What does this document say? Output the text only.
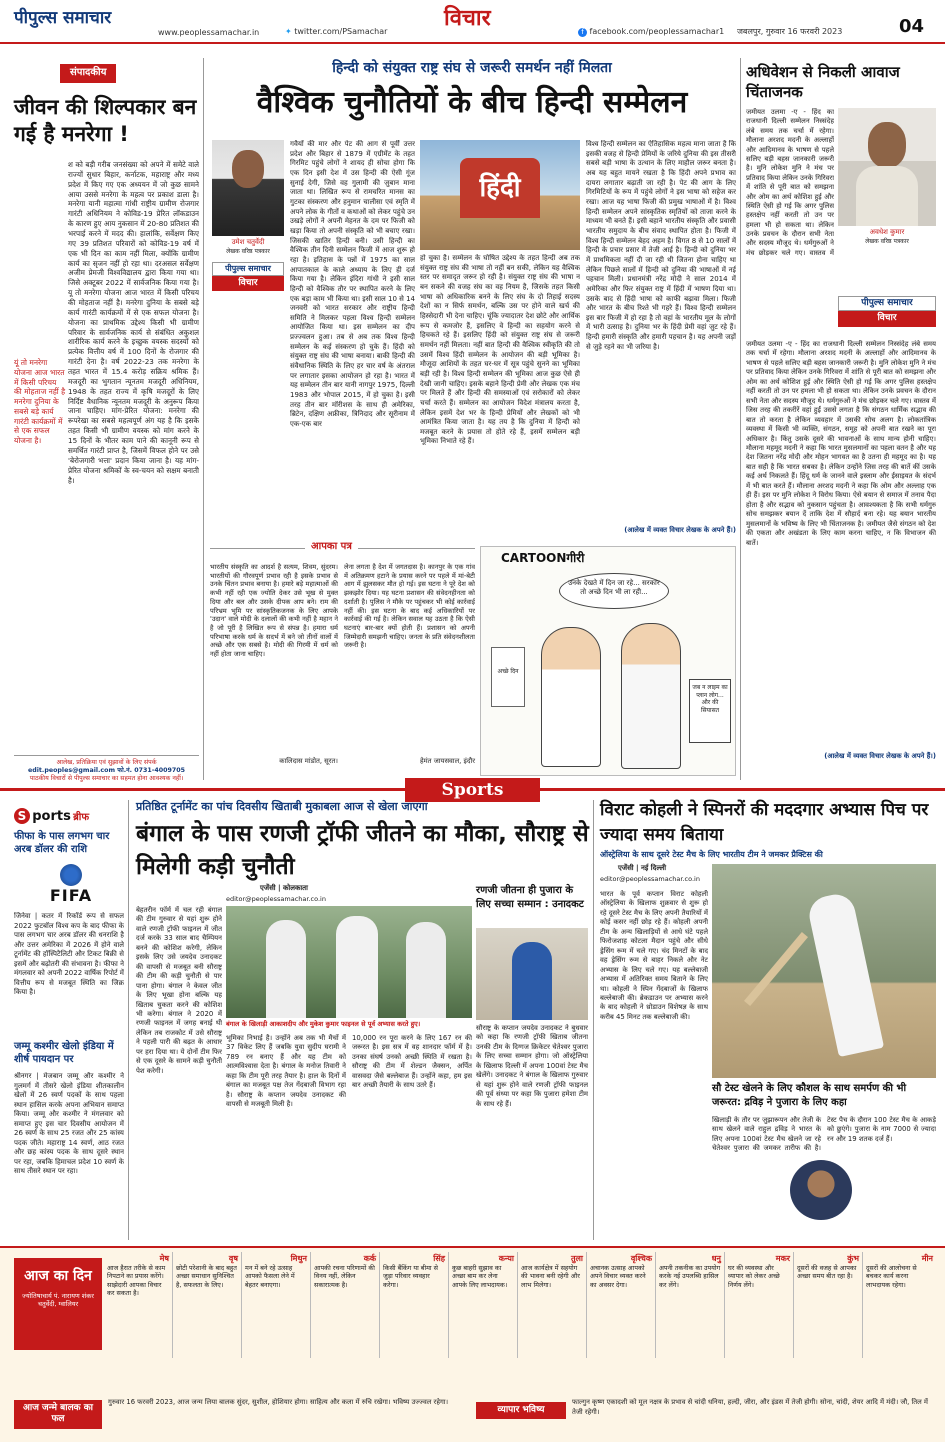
पीपुल्स समाचार
www.peoplessamachar.in	✦ twitter.com/PSamachar
विचार
f facebook.com/peoplessamachar1 जबलपुर, गुरुवार 16 फरवरी 2023	04
संपादकीय
जीवन की शिल्पकार बन गई है मनरेगा !
श को बड़ी गरीब जनसंख्या को अपने में समेटे वाले राज्यों सुधार बिहार, कर्नाटक, महाराष्ट्र और मध्य प्रदेश में किए गए एक अध्ययन में जो कुछ सामने आया उससे मनरेगा के महत्व पर प्रकाश डाला है। मनरेगा यानी महात्मा गांधी राष्ट्रीय ग्रामीण रोजगार गारंटी अधिनियम ने कोविड-19 प्रेरित लॉकडाउन के कारण हुए आय नुकसान में 20-80 प्रतिशत की भरपाई करने में मदद की। हालांकि, सर्वेक्षण किए गए 39 प्रतिशत परिवारों को कोविड-19 वर्ष में एक भी दिन का काम नहीं मिला, क्योंकि ग्रामीण कार्य का सृजन नहीं हो रहा था। दरअसल सर्वेक्षण अजीम प्रेमजी विश्वविद्यालय द्वारा किया गया था। जिसे अक्टूबर 2022 में सार्वजनिक किया गया है। यू तो मनरेगा योजना आज भारत में किसी परिचय की मोहताज नहीं है। मनरेगा दुनिया के सबसे बड़े कार्य गारंटी कार्यक्रमों में से एक सफल योजना है। योजना का प्राथमिक उद्देश्य किसी भी ग्रामीण परिवार के सार्वजनिक कार्य से संबंधित अकुशल शारीरिक कार्य करने के इच्छुक वयस्क सदस्यों को प्रत्येक वित्तीय वर्ष में 100 दिनों के रोजगार की गारंटी देना है। वर्ष 2022-23 तक मनरेगा के तहत भारत में 15.4 करोड़ सक्रिय श्रमिक हैं। मजदूरी का भुगतान न्यूनतम मजदूरी अधिनियम, 1948 के तहत राज्य में कृषि मजदूरों के लिए निर्दिष्ट वैधानिक न्यूनतम मजदूरी के अनुरूप किया जाना चाहिए। मांग-प्रेरित योजना: मनरेगा की रूपरेखा का सबसे महत्वपूर्ण अंग यह है कि इसके तहत किसी भी ग्रामीण वयस्क को मांग करने के 15 दिनों के भीतर काम पाने की कानूनी रूप से समर्थित गारंटी प्राप्त है, जिसमें विफल होने पर उसे 'बेरोजगारी भत्ता' प्रदान किया जाना है। यह मांग-प्रेरित योजना श्रमिकों के स्व-चयन को सक्षम बनाती है।
यूं तो मनरेगा योजना आज भारत में किसी परिचय की मोहताज नहीं है मनरेगा दुनिया के सबसे बड़े कार्य गारंटी कार्यक्रमों में से एक सफल योजना है।
आलेख, प्रतिक्रिया एवं सुझावों के लिए संपर्क
edit.peoples@gmail.com फो.नं. 0731-4009705
पाठकीय विचारों से पीपुल्स समाचार का सहमत होना आवश्यक नहीं।
हिन्दी को संयुक्त राष्ट्र संघ से जरूरी समर्थन नहीं मिलता
वैश्विक चुनौतियों के बीच हिन्दी सम्मेलन
उमेश चतुर्वेदी
लेखक वरिष्ठ पत्रकार
पीपुल्स समाचार
विचार
गवैयों की मार और पेट की आग से पूर्वी उत्तर प्रदेश और बिहार से 1879 में एग्रीमेंट के तहत गिरमिट पहुंचे लोगों ने शायद ही सोचा होगा कि एक दिन इसी देश में उस हिन्दी की ऐसी गूंज सुनाई देगी, जिसे वह गुलामी की जुबान माना जाता था। लिखित रूप से रामचरित मानस का गुटका संस्करण और हनुमान चालीसा एवं स्मृति में अपने लोक के गीतों व कथाओं को लेकर पहुंचे उन उखड़े लोगों ने अपनी मेहनत के दम पर फिजी को खड़ा किया तो अपनी संस्कृति को भी बचाए रखा। जिसकी खातिर हिन्दी बनी। उसी हिन्दी का वैश्विक तीन दिनी सम्मेलन फिजी में आज शुरू हो रहा है। इतिहास के पन्नों में 1975 का साल आपातकाल के काले अध्याय के लिए ही दर्ज किया गया है। लेकिन इंदिरा गांधी ने इसी साल हिन्दी को वैश्विक तौर पर स्थापित करने के लिए एक बड़ा काम भी किया था। इसी साल 10 से 14 जनवरी को भारत सरकार और राष्ट्रीय हिन्दी समिति ने मिलकर पहला विश्व हिन्दी सम्मेलन आयोजित किया था। इस सम्मेलन का दीप प्रज्ज्वलन हुआ। तब से अब तक विश्व हिन्दी सम्मेलन के कई संस्करण हो चुके हैं। हिंदी को संयुक्त राष्ट्र संघ की भाषा बनाया। बाकी हिन्दी की संवैधानिक स्थिति के लिए हर चार वर्ष के अंतराल पर लगातार इसका आयोजन हो रहा है। भारत में यह सम्मेलन तीन बार यानी नागपुर 1975, दिल्ली 1983 और भोपाल 2015, में हो चुका है। इसी तरह तीन बार मॉरीशस के साथ ही अमेरिका, ब्रिटेन, दक्षिण अफ्रीका, त्रिनिदाद और सूरीनाम में एक-एक बार
हिंदी
हो चुका है। सम्मेलन के घोषित उद्देश्य के तहत हिन्दी अब तक संयुक्त राष्ट्र संघ की भाषा तो नहीं बन सकी, लेकिन यह वैश्विक स्तर पर समादृत जरूर हो रही है। संयुक्त राष्ट्र संघ की भाषा न बन सकने की वजह संघ का वह नियम है, जिसके तहत किसी भाषा को अधिकारिक बनने के लिए संघ के दो तिहाई सदस्य देशों का न सिर्फ समर्थन, बल्कि उस पर होने वाले खर्च की हिस्सेदारी भी देना चाहिए। चूंकि ज्यादातर देश छोटे और आर्थिक रूप से कमजोर हैं, इसलिए वे हिन्दी का सहयोग करने से हिचकते रहे हैं। इसलिए हिंदी को संयुक्त राष्ट्र संघ से जरूरी समर्थन नहीं मिलता। नहीं बात हिन्दी की वैश्विक स्वीकृति की तो उसमें विश्व हिंदी सम्मेलन के आयोजन की बड़ी भूमिका है। मौजूदा आशियों के तहत घर-घर में सूत्र पहुंचे सुनने का भूमिका बड़ी रही है। विश्व हिन्दी सम्मेलन की भूमिका आज कुछ ऐसे ही देखी जानी चाहिए। इसके बहाने हिन्दी प्रेमी और लेखक एक मंच पर मिलते हैं और हिन्दी की समस्याओं एवं सरोकारों को लेकर चर्चा करते हैं। सम्मेलन का आयोजन विदेश मंत्रालय करता है, लेकिन इसमें देश भर के हिन्दी प्रेमियों और लेखकों को भी आमंत्रित किया जाता है। यह तय है कि दुनिया में हिन्दी को मजबूत करने के प्रयास तो होते रहे हैं, इसमें सम्मेलन बड़ी भूमिका निभाते रहे हैं।
विश्व हिन्दी सम्मेलन का ऐतिहासिक महत्व माना जाता है कि इसकी वजह से हिन्दी प्रेमियों के जरिये दुनिया की इस तीसरी सबसे बड़ी भाषा के उत्थान के लिए माहौल जरूर बनता है। अब यह बहुत मायने रखता है कि हिंदी अपने प्रभाव का दायरा लगातार बढ़ाती जा रही है। पेट की आग के लिए गिरमिटियों के रूप में पहुंचे लोगों ने इस भाषा को सहेज कर रखा। आज यह भाषा फिजी की प्रमुख भाषाओं में है। विश्व हिन्दी सम्मेलन अपने सांस्कृतिक स्मृतियों को ताजा करने के माध्यम भी बनते हैं। इसी बहाने भारतीय संस्कृति और प्रवासी भारतीय समुदाय के बीच संवाद स्थापित होता है। फिजी में विश्व हिन्दी सम्मेलन बेहद अहम है। विगत 8 से 10 सालों में हिन्दी के प्रचार प्रसार में तेजी आई है। हिन्दी को दुनिया भर में प्राथमिकता नहीं दी जा रही थी जितना होना चाहिए था लेकिन पिछले सालों में हिन्दी को दुनिया की भाषाओं में नई पहचान मिली। प्रधानमंत्री नरेंद्र मोदी ने साल 2014 में अमेरिका और फिर संयुक्त राष्ट्र में हिंदी में भाषण दिया था। उसके बाद से हिंदी भाषा को काफी बढ़ावा मिला। फिजी और भारत के बीच रिश्ते भी गहरे हैं। विश्व हिन्दी सम्मेलन इस बार फिजी में हो रहा है तो वहां के भारतीय मूल के लोगों में भारी उत्साह है। दुनिया भर के हिंदी प्रेमी वहां जुट रहे हैं। हिन्दी हमारी संस्कृति और हमारी पहचान है। यह अपनी जड़ों से जुड़े रहने का भी जरिया है।
(आलेख में व्यक्त विचार लेखक के अपने हैं।)
आपका पत्र
भारतीय संस्कृति का आदर्श है सत्यम, शिवम, सुंदरम। भारतीयों की गौरवपूर्ण प्रभाव रही है इसके प्रभाव से उनके चिंतन प्रभाव बनाया है। हमारे बड़े महात्माओं की कभी नहीं रही एक ज्योति देकर उसे भूख से मुक्त दिया और बल और उसके दीपक आप बने। राम की परिभ्रम भूमि पर सांस्कृतिकजनक के लिए आपके 'उदान' वाले मोदी के दलालों की कभी नहीं है महान ने है जो पूरी है लिखित रूप से संपन्न है। हमारा धर्म परिभाषा करके धर्म के सदर्भ में बने जो तीनों वालों में अच्छे और एक सबसे है। मोदी की गिरमी में धर्म को नहीं होता जाना चाहिए।
कालिदास मांडोत, सूरत।
लेना लगता है देश में जगतदास है। कानपुर के एक गांव में अतिक्रमण हटाने के प्रयास करने पर पहले में मां-बेटी आग में झुलसकर मौत हो गई। इस घटना ने पूरे देश को झकझोर दिया। यह घटना प्रशासन की संवेदनहीनता को दर्शाती है। पुलिस ने मौके पर पहुंचकर भी कोई कार्रवाई नहीं की। इस घटना के बाद कई अधिकारियों पर कार्रवाई की गई है। लेकिन सवाल यह उठता है कि ऐसी घटनाएं बार-बार क्यों होती हैं। प्रशासन को अपनी जिम्मेदारी समझनी चाहिए। जनता के प्रति संवेदनशीलता जरूरी है।
हेमंत जायसवाल, इंदौर
CARTOONगीरी
उनके देखते में दिन जा रहे... सरकार तो अच्छे दिन भी ला रही...
अच्छे दिन
जब न लाइम का प्लान लोग... और की सियासत
अधिवेशन से निकली आवाज चिंताजनक
जमीयत उलमा -ए - हिंद का राजधानी दिल्ली सम्मेलन निस्संदेह लंबे समय तक चर्चा में रहेगा। मौलाना अरशद मदनी के अल्लाहों और आदिमानव के भाषण से पहले सलिए बड़ी बहस जानकारी जरूरी है। मुनि लोकेश मुनि ने मंच पर प्रतिवाद किया लेकिन उनके गिरिवरा में शांति से पूरी बात को समझना और ओम का अर्थ कोशिश हुई और स्थिति ऐसी हो गई कि अगर पुलिस हस्तक्षेप नहीं करती तो उन पर हमला भी हो सकता था। लेकिन उनके प्रवचन के दौरान सभी नेता और सदस्य मौजूद थे। धर्मगुरुओं ने मंच छोड़कर चले गए। वास्तव में
अवधेश कुमार
लेखक वरिष्ठ पत्रकार
पीपुल्स समाचार
विचार
जमीयत उलमा -ए - हिंद का राजधानी दिल्ली सम्मेलन निस्संदेह लंबे समय तक चर्चा में रहेगा। मौलाना अरशद मदनी के अल्लाहों और आदिमानव के भाषण से पहले सलिए बड़ी बहस जानकारी जरूरी है। मुनि लोकेश मुनि ने मंच पर प्रतिवाद किया लेकिन उनके गिरिवरा में शांति से पूरी बात को समझना और ओम का अर्थ कोशिश हुई और स्थिति ऐसी हो गई कि अगर पुलिस हस्तक्षेप नहीं करती तो उन पर हमला भी हो सकता था। लेकिन उनके प्रवचन के दौरान सभी नेता और सदस्य मौजूद थे। धर्मगुरुओं ने मंच छोड़कर चले गए। वास्तव में जिस तरह की तकरीरें वहां हुईं उससे लगता है कि संगठन धार्मिक सद्भाव की बात तो करता है लेकिन व्यवहार में उसकी सोच अलग है। लोकतांत्रिक व्यवस्था में किसी भी व्यक्ति, संगठन, समूह को अपनी बात रखने का पूरा अधिकार है। किंतु उसके दूसरे की भावनाओं के साथ मान्य होनी चाहिए। मौलाना महमूद मदनी ने कहा कि भारत मुसलमानों का पहला वतन है और यह देश जितना नरेंद्र मोदी और मोहन भागवत का है उतना ही महमूद का है। यह बात सही है कि भारत सबका है। लेकिन उन्होंने जिस तरह की बातें कीं उसके कई अर्थ निकलते हैं। हिंदू धर्म के जानने वाले इस्लाम और ईसाइयत के संदर्भ में भी बात करते हैं। मौलाना अरशद मदनी ने कहा कि ओम और अल्लाह एक ही हैं। इस पर मुनि लोकेश ने विरोध किया। ऐसे बयान से समाज में तनाव पैदा होता है और सद्भाव को नुकसान पहुंचता है। आवश्यकता है कि सभी धर्मगुरु सोच समझकर बयान दें ताकि देश में सौहार्द बना रहे। यह बयान भारतीय मुसलमानों के भविष्य के लिए भी चिंताजनक है। जमीयत जैसे संगठन को देश की एकता और अखंडता के लिए काम करना चाहिए, न कि विभाजन की बातें।
(आलेख में व्यक्त विचार लेखक के अपने हैं।)
Sports
S ports ब्रीफ
फीफा के पास लगभग चार अरब डॉलर की राशि
FIFA
जिनेवा | कतर में रिकॉर्ड रूप से सफल 2022 फुटबॉल विश्व कप के बाद फीफा के पास लगभग चार अरब डॉलर की धनराशि है और उत्तर अमेरिका में 2026 में होने वाले टूर्नामेंट की हॉस्पिटैलिटी और टिकट बिक्री से इसमें और बढ़ोतरी की संभावना है। फीफा ने मंगलवार को अपनी 2022 वार्षिक रिपोर्ट में वित्तीय रूप से मजबूत स्थिति का जिक्र किया है।
जम्मू कश्मीर खेलो इंडिया में शीर्ष पायदान पर
श्रीनगर | मेजबान जम्मू और कश्मीर ने गुलमर्ग में तीसरे खेलो इंडिया शीतकालीन खेलों में 26 स्वर्ण पदकों के साथ पहला स्थान हासिल करके अपना अभियान समाप्त किया। जम्मू और कश्मीर ने मंगलवार को समाप्त हुए इस चार दिवसीय आयोजन में 26 स्वर्ण के साथ 25 रजत और 25 कांस्य पदक जीते। महाराष्ट्र 14 स्वर्ण, आठ रजत और छह कांस्य पदक के साथ दूसरे स्थान पर रहा, जबकि हिमाचल प्रदेश 10 स्वर्ण के साथ तीसरे स्थान पर रहा।
प्रतिष्ठित टूर्नामेंट का पांच दिवसीय खिताबी मुकाबला आज से खेला जाएगा
बंगाल के पास रणजी ट्रॉफी जीतने का मौका, सौराष्ट्र से मिलेगी कड़ी चुनौती
एजेंसी | कोलकाता
editor@peoplessamachar.co.in
रणजी जीतना ही पुजारा के लिए सच्चा सम्मान : उनादकट
बेहतरीन फॉर्म में चल रही बंगाल की टीम गुरुवार से यहां शुरू होने वाले रणजी ट्रॉफी फाइनल में जीत दर्ज करके 33 साल बाद चैम्पियन बनने की कोशिश करेगी, लेकिन इसके लिए उसे जयदेव उनादकट की वापसी से मजबूत बनी सौराष्ट्र की टीम की कड़ी चुनौती से पार पाना होगा। बंगाल ने केवल जीत के लिए भूखा होना बल्कि यह खिताब चुकता करने की कोशिश भी करेगा। बंगाल ने 2020 में रणजी फाइनल में जगह बनाई थी लेकिन तब राजकोट में उसे सौराष्ट्र ने पहली पारी की बढ़त के आधार पर हरा दिया था। ये दोनों टीम फिर से एक दूसरे के सामने कड़ी चुनौती पेश करेगी।
बंगाल के खिलाड़ी आकाशदीप और मुकेश कुमार फाइनल से पूर्व अभ्यास करते हुए।
भूमिका निभाई है। उन्होंने अब तक भी मैचों में 37 विकेट लिए हैं जबकि युवा सुदीप घरामी ने 789 रन बनाए हैं और यह टीम को आत्मविश्वास देता है। बंगाल के मनोज तिवारी ने कहा कि टीम पूरी तरह तैयार है। हाल के दिनों में बंगाल का मजबूत पक्ष तेज गेंदबाजी विभाग रहा है। सौराष्ट्र के कप्तान जयदेव उनादकट की वापसी से मजबूती मिली है।
10,000 रन पूरा करने के लिए 167 रन की जरूरत है। इस सत्र में वह शानदार फॉर्म में है। उनका संघर्ष उनको अच्छी स्थिति में रखता है। सौराष्ट्र की टीम में शेल्डन जैक्सन, अर्पित वासवदा जैसे बल्लेबाज हैं। उन्होंने कहा, हम इस बार अच्छी तैयारी के साथ उतरे हैं।
सौराष्ट्र के कप्तान जयदेव उनादकट ने बुधवार को कहा कि रणजी ट्रॉफी खिताब जीतना उनकी टीम के दिग्गज क्रिकेटर चेतेश्वर पुजारा के लिए सच्चा सम्मान होगा। जो ऑस्ट्रेलिया के खिलाफ दिल्ली में अपना 100वां टेस्ट मैच खेलेंगे। उनादकट ने बंगाल के खिलाफ गुरुवार से यहां शुरू होने वाले रणजी ट्रॉफी फाइनल की पूर्व संध्या पर कहा कि पुजारा हमेशा टीम के साथ रहे हैं।
विराट कोहली ने स्पिनरों की मददगार अभ्यास पिच पर ज्यादा समय बिताया
ऑस्ट्रेलिया के साथ दूसरे टेस्ट मैच के लिए भारतीय टीम ने जमकर प्रैक्टिस की
एजेंसी | नई दिल्ली
editor@peoplessamachar.co.in
भारत के पूर्व कप्तान विराट कोहली ऑस्ट्रेलिया के खिलाफ शुक्रवार से शुरू हो रहे दूसरे टेस्ट मैच के लिए अपनी तैयारियों में कोई कसर नहीं छोड़ रहे हैं। कोहली अपनी टीम के अन्य खिलाड़ियों से आधे घंटे पहले फिरोजशाह कोटला मैदान पहुंचे और सीधे ड्रेसिंग रूम में चले गए। चंद मिनटों के बाद वह ड्रेसिंग रूम से बाहर निकले और नेट अभ्यास के लिए चले गए। यह बल्लेबाजी अभ्यास में अतिरिक्त समय बिताने के लिए था। कोहली ने स्पिन गेंदबाजों के खिलाफ बल्लेबाजी की। ब्रेकडाउन पर अभ्यास करने के बाद कोहली ने थ्रोडाउन विशेषज्ञ के साथ करीब 45 मिनट तक बल्लेबाजी की।
सौ टेस्ट खेलने के लिए कौशल के साथ समर्पण की भी जरूरत: द्रविड़ ने पुजारा के लिए कहा
खिलाड़ी के तौर पर जुझारूपन और तेजी के साथ खेलने वाले राहुल द्रविड़ ने भारत के लिए अपना 100वां टेस्ट मैच खेलने जा रहे चेतेश्वर पुजारा की जमकर तारीफ की है। टेस्ट पैच के दौरान 100 टेस्ट मैच के आकड़े को छुएंगे। पुजारा के नाम 7000 से ज्यादा रन और 19 शतक दर्ज हैं।
आज का दिन
ज्योतिषाचार्य पं. नारायण शंकर चतुर्वेदी, ग्वालियर
मेष
आज हैरात तरीके से काम निपटाने का प्रयास करेंगे। साझेदारी आपका विचार कर सकता है।
वृष
छोटी परेशानी के बाद बहुत अच्छा समाधान सुनिश्चित है, सफलता के लिए।
मिथुन
मन में बने रहे उत्साह आपको फैसला लेने में बेहतर बनाएगा।
कर्क
आपकी रचना परिणामों की विनय नहीं, लेकिन सकारात्मक है।
सिंह
किसी बैंकिंग या बीमा से जुड़ा परिवार व्यवहार करेगा।
कन्या
कुछ बाहरी सुझाव का अच्छा बाम कर लेना आपके लिए लाभदायक।
तुला
आज कार्यक्षेत्र में सहयोग की भावना बनी रहेगी और लाभ मिलेगा।
वृश्चिक
अचानक उत्साह आपको अपने विचार व्यक्त करने का अवसर देगा।
धनु
अपनी तकनीक का उपयोग करके नई उपलब्धि हासिल कर लेंगे।
मकर
घर की व्यवस्था और व्यापार को लेकर अच्छे निर्णय लेंगे।
कुंभ
दूसरों की वजह से आपका अच्छा समय बीत रहा है।
मीन
दूसरों की आलोचना से बचकर कार्य करना लाभदायक रहेगा।
आज जन्मे बालक का फल
गुरुवार 16 फरवरी 2023, आज जन्म लिया बालक सुंदर, सुशील, होशियार होगा। साहित्य और कला में रुचि रखेगा। भविष्य उज्ज्वल रहेगा।
व्यापार भविष्य
फाल्गुन कृष्ण एकादशी को मूल नक्षत्र के प्रभाव से चांदी धनिया, हल्दी, जीरा, और इंडस में तेजी होगी। सोना, चांदी, शेयर आदि में मंदी। जौ, तिल में तेजी रहेगी।
